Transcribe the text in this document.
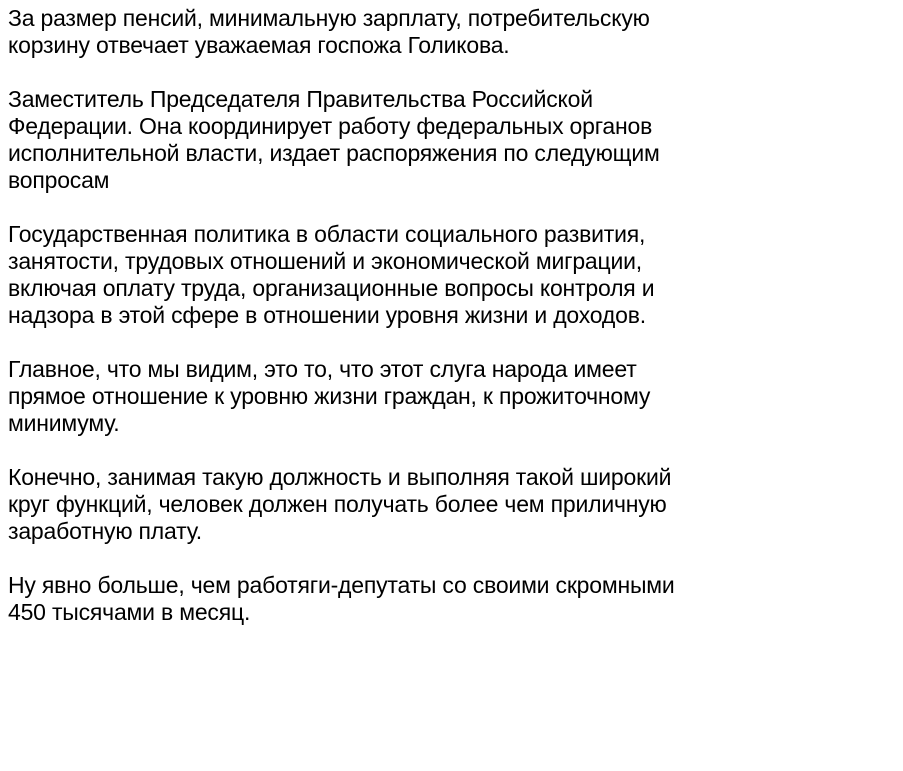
За размер пенсий, минимальную зарплату, потребительскую
корзину отвечает уважаемая госпожа Голикова.

Заместитель Председателя Правительства Российской
Федерации. Она координирует работу федеральных органов
исполнительной власти, издает распоряжения по следующим
вопросам

Государственная политика в области социального развития,
занятости, трудовых отношений и экономической миграции,
включая оплату труда, организационные вопросы контроля и
надзора в этой сфере в отношении уровня жизни и доходов.

Главное, что мы видим, это то, что этот слуга народа имеет
прямое отношение к уровню жизни граждан, к прожиточному
минимуму.

Конечно, занимая такую должность и выполняя такой широкий
круг функций, человек должен получать более чем приличную
заработную плату.

Ну явно больше, чем работяги-депутаты со своими скромными
450 тысячами в месяц.
